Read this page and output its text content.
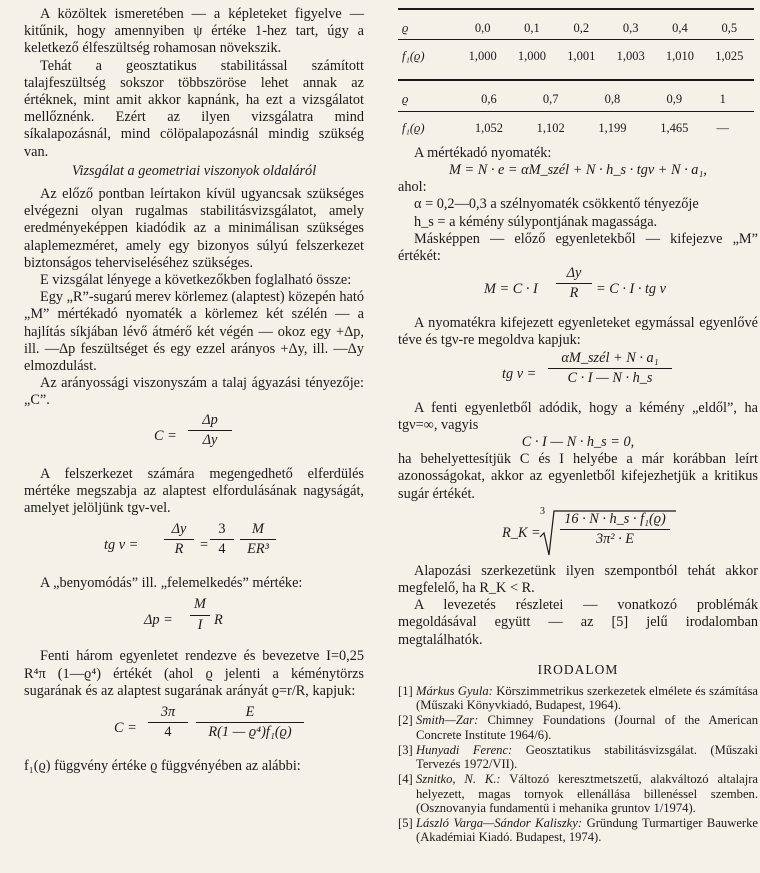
A közöltek ismeretében — a képleteket figyelve — kitűnik, hogy amennyiben ψ értéke 1-hez tart, úgy a keletkező élfeszültség rohamosan növekszik.

Tehát a geosztatikus stabilitással számított talajfeszültség sokszor többszöröse lehet annak az értéknek, mint amit akkor kapnánk, ha ezt a vizsgálatot mellőznénk. Ezért az ilyen vizsgálatra mind síkalapozásnál, mind cölöpalapozásnál mindig szükség van.

Vizsgálat a geometriai viszonyok oldaláról

Az előző pontban leírtakon kívül ugyancsak szükséges elvégezni olyan rugalmas stabilitásvizsgálatot, amely eredményeképpen kiadódik az a minimálisan szükséges alaplemezméret, amely egy bizonyos súlyú felszerkezet biztonságos teherviseléséhez szükséges.

E vizsgálat lényege a következőkben foglalható össze:

Egy „R”-sugarú merev körlemez (alaptest) közepén ható „M” mértékadó nyomaték a körlemez két szélén — a hajlítás síkjában lévő átmérő két végén — okoz egy +Δp, ill. —Δp feszültséget és egy ezzel arányos +Δy, ill. —Δy elmozdulást.

Az arányossági viszonyszám a talaj ágyazási tényezője: „C”.

C =
Δp
Δy

A felszerkezet számára megengedhető elferdülés mértéke megszabja az alaptest elfordulásának nagyságát, amelyet jelöljünk tgν-vel.

tg ν =
Δy
R	=
3
4
M
ER³

A „benyomódás” ill. „felemelkedés” mértéke:

Δp =
M
I R

Fenti három egyenletet rendezve és bevezetve I=0,25 R⁴π (1—ϱ⁴) értékét (ahol ϱ jelenti a kéménytörzs sugarának és az alaptest sugarának arányát ϱ=r/R, kapjuk:

C =
3π
4
E
R(1 — ϱ⁴)f₁(ϱ)

f₁(ϱ) függvény értéke ϱ függvényében az alábbi:

ϱ	0,0	0,1	0,2	0,3	0,4	0,5
f₁(ϱ)	1,000	1,000	1,001	1,003	1,010	1,025
ϱ	0,6	0,7	0,8	0,9	1	
f₁(ϱ)	1,052	1,102	1,199	1,465	—	

A mértékadó nyomaték:

M = N · e = αM_szél + N · h_s · tgν + N · a₁,

ahol:

α = 0,2—0,3 a szélnyomaték csökkentő tényezője

h_s = a kémény súlypontjának magassága.

Másképpen — előző egyenletekből — kifejezve „M” értékét:

M = C · I
Δy
R	= C · I · tg ν

A nyomatékra kifejezett egyenleteket egymással egyenlővé téve és tgν-re megoldva kapjuk:

tg ν =
αM_szél + N · a₁
C · I — N · h_s

A fenti egyenletből adódik, hogy a kémény „eldől”, ha tgν=∞, vagyis

C · I — N · h_s = 0,

ha behelyettesítjük C és I helyébe a már korábban leírt azonosságokat, akkor az egyenletből kifejezhetjük a kritikus sugár értékét.

R_K =
3 16 · N · h_s · f₁(ϱ)
3π² · E

Alapozási szerkezetünk ilyen szempontból tehát akkor megfelelő, ha R_K < R.

A levezetés részletei — vonatkozó problémák megoldásával együtt — az [5] jelű irodalomban megtalálhatók.

IRODALOM
[1] Márkus Gyula: Körszimmetrikus szerkezetek elmélete és számítása (Műszaki Könyvkiadó, Budapest, 1964).
[2] Smith—Zar: Chimney Foundations (Journal of the American Concrete Institute 1964/6).
[3] Hunyadi Ferenc: Geosztatikus stabilitásvizsgálat. (Műszaki Tervezés 1972/VII).
[4] Sznitko, N. K.: Változó keresztmetszetű, alakváltozó altalajra helyezett, magas tornyok ellenállása billenéssel szemben. (Osznovanyia fundamentü i mehanika gruntov 1/1974).
[5] László Varga—Sándor Kaliszky: Gründung Turmartiger Bauwerke (Akadémiai Kiadó. Budapest, 1974).
